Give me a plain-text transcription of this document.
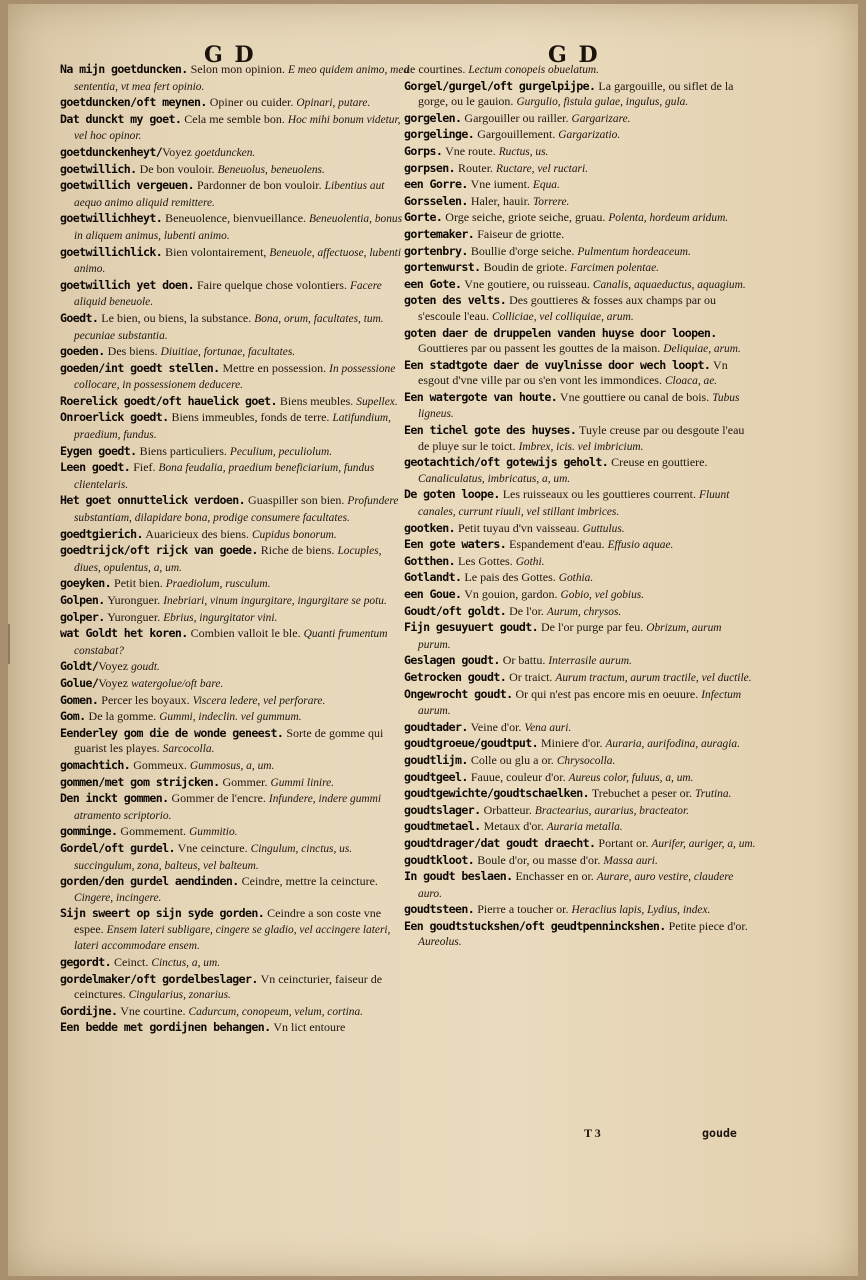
G D	G D

Na mijn goetduncken. Selon mon opinion. E meo quidem animo, mea sententia, vt mea fert opinio.

goetduncken/oft meynen. Opiner ou cuider. Opinari, putare.

Dat dunckt my goet. Cela me semble bon. Hoc mihi bonum videtur, vel hoc opinor.

goetdunckenheyt/Voyez goetduncken.

goetwillich. De bon vouloir. Beneuolus, beneuolens.

goetwillich vergeuen. Pardonner de bon vouloir. Libentius aut aequo animo aliquid remittere.

goetwillichheyt. Beneuolence, bienvueillance. Beneuolentia, bonus in aliquem animus, lubenti animo.

goetwillichlick. Bien volontairement, Beneuole, affectuose, lubenti animo.

goetwillich yet doen. Faire quelque chose volontiers. Facere aliquid beneuole.

Goedt. Le bien, ou biens, la substance. Bona, orum, facultates, tum. pecuniae substantia.

goeden. Des biens. Diuitiae, fortunae, facultates.

goeden/int goedt stellen. Mettre en possession. In possessione collocare, in possessionem deducere.

Roerelick goedt/oft hauelick goet. Biens meubles. Supellex.

Onroerlick goedt. Biens immeubles, fonds de terre. Latifundium, praedium, fundus.

Eygen goedt. Biens particuliers. Peculium, peculiolum.

Leen goedt. Fief. Bona feudalia, praedium beneficiarium, fundus clientelaris.

Het goet onnuttelick verdoen. Guaspiller son bien. Profundere substantiam, dilapidare bona, prodige consumere facultates.

goedtgierich. Auaricieux des biens. Cupidus bonorum.

goedtrijck/oft rijck van goede. Riche de biens. Locuples, diues, opulentus, a, um.

goeyken. Petit bien. Praediolum, rusculum.

Golpen. Yuronguer. Inebriari, vinum ingurgitare, ingurgitare se potu.

golper. Yuronguer. Ebrius, ingurgitator vini.

wat Goldt het koren. Combien valloit le ble. Quanti frumentum constabat?

Goldt/Voyez goudt.

Golue/Voyez watergolue/oft bare.

Gomen. Percer les boyaux. Viscera ledere, vel perforare.

Gom. De la gomme. Gummi, indeclin. vel gummum.

Eenderley gom die de wonde geneest. Sorte de gomme qui guarist les playes. Sarcocolla.

gomachtich. Gommeux. Gummosus, a, um.

gommen/met gom strijcken. Gommer. Gummi linire.

Den inckt gommen. Gommer de l'encre. Infundere, indere gummi atramento scriptorio.

gomminge. Gommement. Gummitio.

Gordel/oft gurdel. Vne ceincture. Cingulum, cinctus, us. succingulum, zona, balteus, vel balteum.

gorden/den gurdel aendinden. Ceindre, mettre la ceincture. Cingere, incingere.

Sijn sweert op sijn syde gorden. Ceindre a son coste vne espee. Ensem lateri subligare, cingere se gladio, vel accingere lateri, lateri accommodare ensem.

gegordt. Ceinct. Cinctus, a, um.

gordelmaker/oft gordelbeslager. Vn ceincturier, faiseur de ceinctures. Cingularius, zonarius.

Gordijne. Vne courtine. Cadurcum, conopeum, velum, cortina.

Een bedde met gordijnen behangen. Vn lict entoure

de courtines. Lectum conopeis obuelatum.

Gorgel/gurgel/oft gurgelpijpe. La gargouille, ou siflet de la gorge, ou le gauion. Gurgulio, fistula gulae, ingulus, gula.

gorgelen. Gargouiller ou railler. Gargarizare.

gorgelinge. Gargouillement. Gargarizatio.

Gorps. Vne route. Ructus, us.

gorpsen. Router. Ructare, vel ructari.

een Gorre. Vne iument. Equa.

Gorsselen. Haler, hauir. Torrere.

Gorte. Orge seiche, griote seiche, gruau. Polenta, hordeum aridum.

gortemaker. Faiseur de griotte.

gortenbry. Boullie d'orge seiche. Pulmentum hordeaceum.

gortenwurst. Boudin de griote. Farcimen polentae.

een Gote. Vne goutiere, ou ruisseau. Canalis, aquaeductus, aquagium.

goten des velts. Des gouttieres & fosses aux champs par ou s'escoule l'eau. Colliciae, vel colliquiae, arum.

goten daer de druppelen vanden huyse door loopen. Gouttieres par ou passent les gouttes de la maison. Deliquiae, arum.

Een stadtgote daer de vuylnisse door wech loopt. Vn esgout d'vne ville par ou s'en vont les immondices. Cloaca, ae.

Een watergote van houte. Vne gouttiere ou canal de bois. Tubus ligneus.

Een tichel gote des huyses. Tuyle creuse par ou desgoute l'eau de pluye sur le toict. Imbrex, icis. vel imbricium.

geotachtich/oft gotewijs geholt. Creuse en gouttiere. Canaliculatus, imbricatus, a, um.

De goten loope. Les ruisseaux ou les gouttieres courrent. Fluunt canales, currunt riuuli, vel stillant imbrices.

gootken. Petit tuyau d'vn vaisseau. Guttulus.

Een gote waters. Espandement d'eau. Effusio aquae.

Gotthen. Les Gottes. Gothi.

Gotlandt. Le pais des Gottes. Gothia.

een Goue. Vn gouion, gardon. Gobio, vel gobius.

Goudt/oft goldt. De l'or. Aurum, chrysos.

Fijn gesuyuert goudt. De l'or purge par feu. Obrizum, aurum purum.

Geslagen goudt. Or battu. Interrasile aurum.

Getrocken goudt. Or traict. Aurum tractum, aurum tractile, vel ductile.

Ongewrocht goudt. Or qui n'est pas encore mis en oeuure. Infectum aurum.

goudtader. Veine d'or. Vena auri.

goudtgroeue/goudtput. Miniere d'or. Auraria, aurifodina, auragia.

goudtlijm. Colle ou glu a or. Chrysocolla.

goudtgeel. Fauue, couleur d'or. Aureus color, fuluus, a, um.

goudtgewichte/goudtschaelken. Trebuchet a peser or. Trutina.

goudtslager. Orbatteur. Bractearius, aurarius, bracteator.

goudtmetael. Metaux d'or. Auraria metalla.

goudtdrager/dat goudt draecht. Portant or. Aurifer, auriger, a, um.

goudtkloot. Boule d'or, ou masse d'or. Massa auri.

In goudt beslaen. Enchasser en or. Aurare, auro vestire, claudere auro.

goudtsteen. Pierre a toucher or. Heraclius lapis, Lydius, index.

Een goudtstuckshen/oft geudtpenninckshen. Petite piece d'or. Aureolus.

T 3	goude
